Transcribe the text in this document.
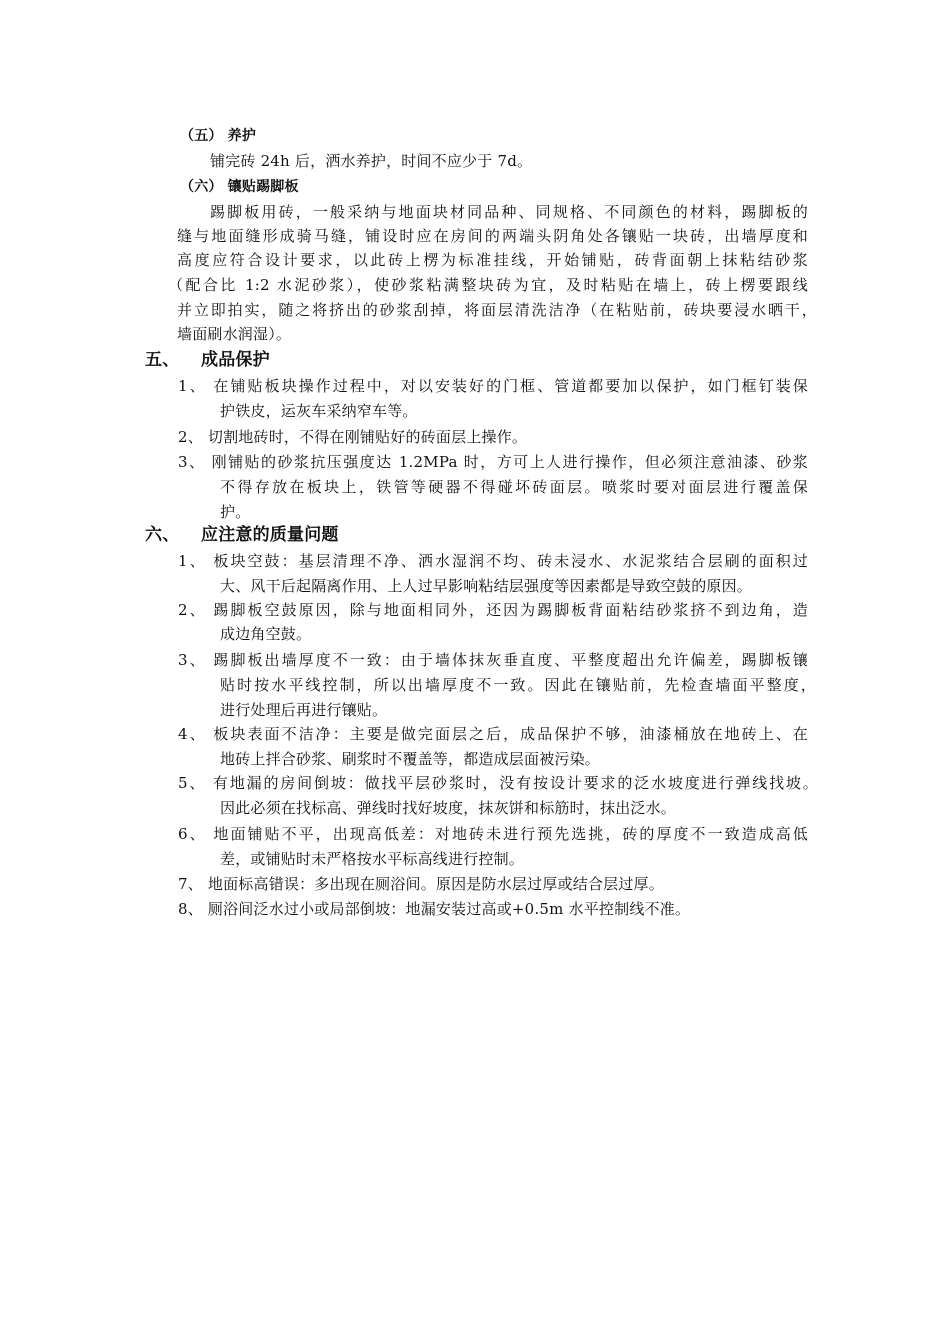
（五） 养护
铺完砖 24h 后，洒水养护，时间不应少于 7d。
（六） 镶贴踢脚板
踢脚板用砖，一般采纳与地面块材同品种、同规格、不同颜色的材料，踢脚板的
缝与地面缝形成骑马缝，铺设时应在房间的两端头阴角处各镶贴一块砖，出墙厚度和
高度应符合设计要求，以此砖上楞为标准挂线，开始铺贴，砖背面朝上抹粘结砂浆
（配合比 1:2 水泥砂浆），使砂浆粘满整块砖为宜，及时粘贴在墙上，砖上楞要跟线
并立即拍实，随之将挤出的砂浆刮掉，将面层清洗洁净（在粘贴前，砖块要浸水晒干，
墙面刷水润湿）。
五、 成品保护
1、 在铺贴板块操作过程中，对以安装好的门框、管道都要加以保护，如门框钉装保
护铁皮，运灰车采纳窄车等。
2、 切割地砖时，不得在刚铺贴好的砖面层上操作。
3、 刚铺贴的砂浆抗压强度达 1.2MPa 时，方可上人进行操作，但必须注意油漆、砂浆
不得存放在板块上，铁管等硬器不得碰坏砖面层。喷浆时要对面层进行覆盖保
护。
六、 应注意的质量问题
1、 板块空鼓：基层清理不净、洒水湿润不均、砖未浸水、水泥浆结合层刷的面积过
大、风干后起隔离作用、上人过早影响粘结层强度等因素都是导致空鼓的原因。
2、 踢脚板空鼓原因，除与地面相同外，还因为踢脚板背面粘结砂浆挤不到边角，造
成边角空鼓。
3、 踢脚板出墙厚度不一致：由于墙体抹灰垂直度、平整度超出允许偏差，踢脚板镶
贴时按水平线控制，所以出墙厚度不一致。因此在镶贴前，先检查墙面平整度，
进行处理后再进行镶贴。
4、 板块表面不洁净：主要是做完面层之后，成品保护不够，油漆桶放在地砖上、在
地砖上拌合砂浆、刷浆时不覆盖等，都造成层面被污染。
5、 有地漏的房间倒坡：做找平层砂浆时，没有按设计要求的泛水坡度进行弹线找坡。
因此必须在找标高、弹线时找好坡度，抹灰饼和标筋时，抹出泛水。
6、 地面铺贴不平，出现高低差：对地砖未进行预先选挑，砖的厚度不一致造成高低
差，或铺贴时未严格按水平标高线进行控制。
7、 地面标高错误：多出现在厕浴间。原因是防水层过厚或结合层过厚。
8、 厕浴间泛水过小或局部倒坡：地漏安装过高或+0.5m 水平控制线不准。
